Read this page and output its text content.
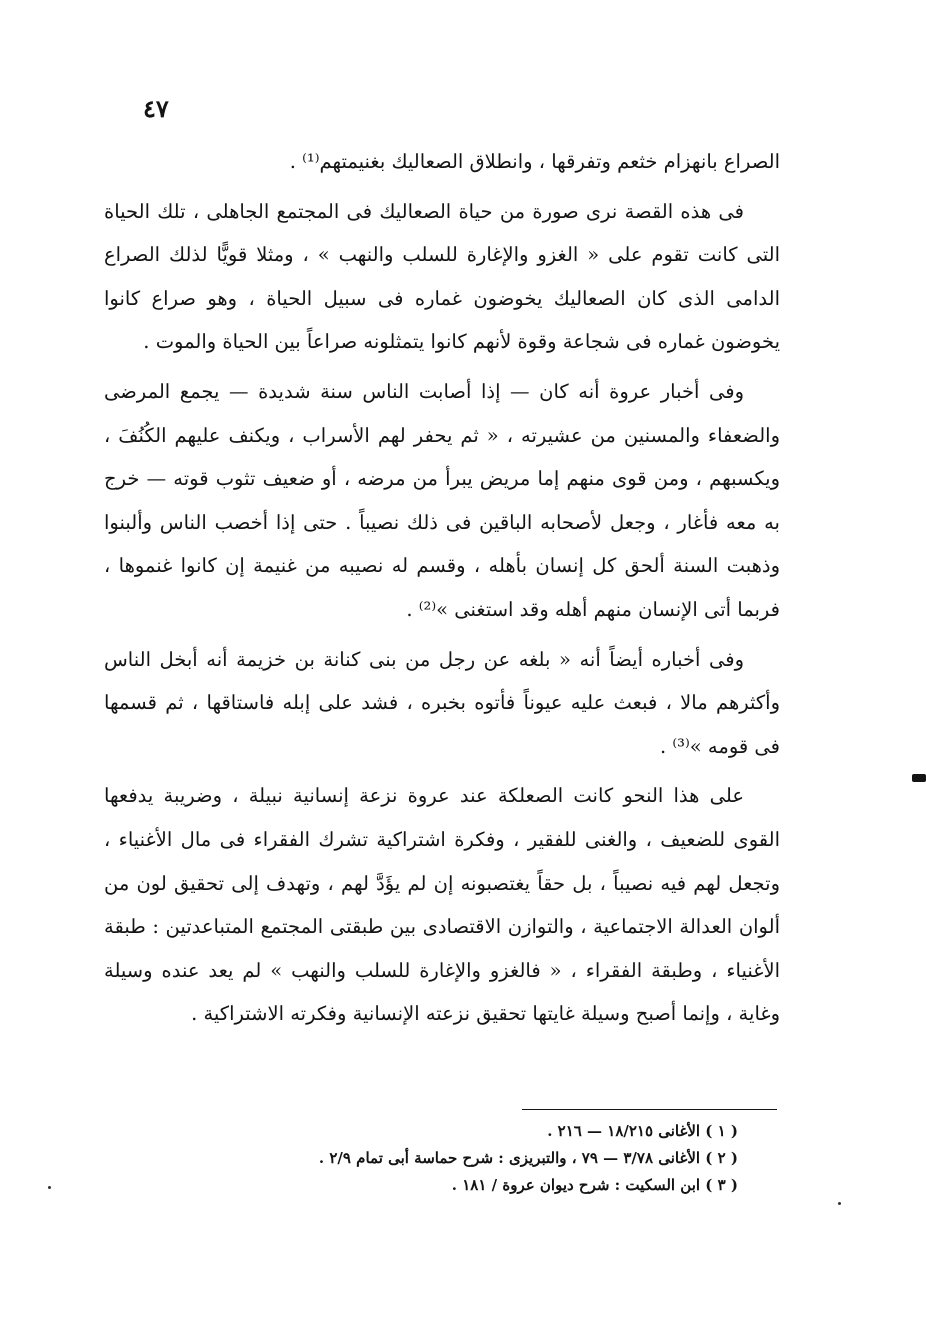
٤٧

الصراع بانهزام خثعم وتفرقها ، وانطلاق الصعاليك بغنيمتهم⁽¹⁾ .

فى هذه القصة نرى صورة من حياة الصعاليك فى المجتمع الجاهلى ، تلك الحياة التى كانت تقوم على « الغزو والإغارة للسلب والنهب » ، ومثلا قويًّا لذلك الصراع الدامى الذى كان الصعاليك يخوضون غماره فى سبيل الحياة ، وهو صراع كانوا يخوضون غماره فى شجاعة وقوة لأنهم كانوا يتمثلونه صراعاً بين الحياة والموت .

وفى أخبار عروة أنه كان — إذا أصابت الناس سنة شديدة — يجمع المرضى والضعفاء والمسنين من عشيرته ، « ثم يحفر لهم الأسراب ، ويكنف عليهم الكُنُفَ ، ويكسبهم ، ومن قوى منهم إما مريض يبرأ من مرضه ، أو ضعيف تثوب قوته — خرج به معه فأغار ، وجعل لأصحابه الباقين فى ذلك نصيباً . حتى إذا أخصب الناس وألبنوا وذهبت السنة ألحق كل إنسان بأهله ، وقسم له نصيبه من غنيمة إن كانوا غنموها ، فربما أتى الإنسان منهم أهله وقد استغنى »⁽²⁾ .

وفى أخباره أيضاً أنه « بلغه عن رجل من بنى كنانة بن خزيمة أنه أبخل الناس وأكثرهم مالا ، فبعث عليه عيوناً فأتوه بخبره ، فشد على إبله فاستاقها ، ثم قسمها فى قومه »⁽³⁾ .

على هذا النحو كانت الصعلكة عند عروة نزعة إنسانية نبيلة ، وضريبة يدفعها القوى للضعيف ، والغنى للفقير ، وفكرة اشتراكية تشرك الفقراء فى مال الأغنياء ، وتجعل لهم فيه نصيباً ، بل حقاً يغتصبونه إن لم يؤَدَّ لهم ، وتهدف إلى تحقيق لون من ألوان العدالة الاجتماعية ، والتوازن الاقتصادى بين طبقتى المجتمع المتباعدتين : طبقة الأغنياء ، وطبقة الفقراء ، « فالغزو والإغارة للسلب والنهب » لم يعد عنده وسيلة وغاية ، وإنما أصبح وسيلة غايتها تحقيق نزعته الإنسانية وفكرته الاشتراكية .

( ١ ) الأغانى ١٨/٢١٥ — ٢١٦ .

( ٢ ) الأغانى ٣/٧٨ — ٧٩ ، والتبريزى : شرح حماسة أبى تمام ٢/٩ .

( ٣ ) ابن السكيت : شرح ديوان عروة / ١٨١ .
